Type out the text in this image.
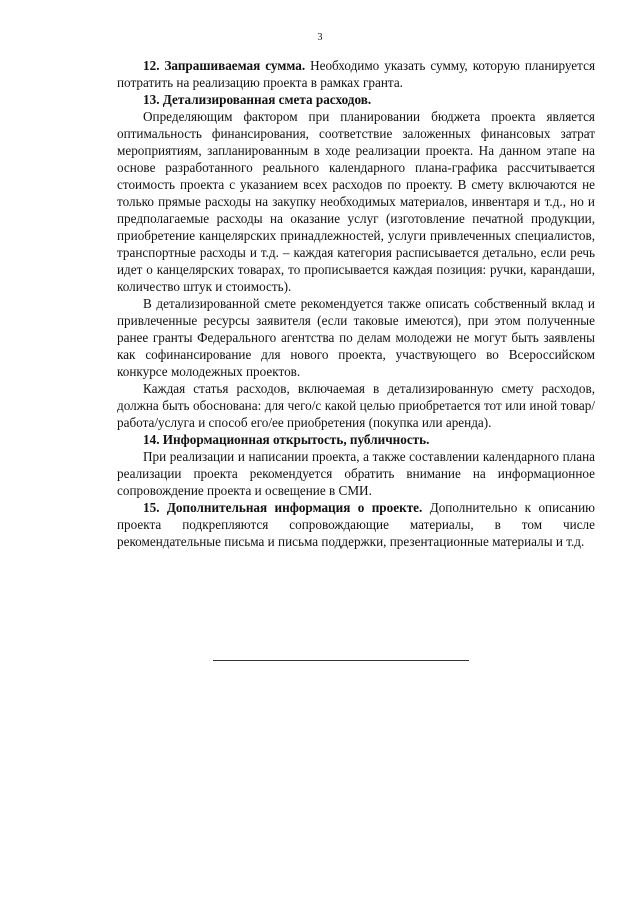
3

12. Запрашиваемая сумма. Необходимо указать сумму, которую планируется потратить на реализацию проекта в рамках гранта.

13. Детализированная смета расходов.

Определяющим фактором при планировании бюджета проекта является оптимальность финансирования, соответствие заложенных финансовых затрат мероприятиям, запланированным в ходе реализации проекта. На данном этапе на основе разработанного реального календарного плана-графика рассчитывается стоимость проекта с указанием всех расходов по проекту. В смету включаются не только прямые расходы на закупку необходимых материалов, инвентаря и т.д., но и предполагаемые расходы на оказание услуг (изготовление печатной продукции, приобретение канцелярских принадлежностей, услуги привлеченных специалистов, транспортные расходы и т.д. – каждая категория расписывается детально, если речь идет о канцелярских товарах, то прописывается каждая позиция: ручки, карандаши, количество штук и стоимость).

В детализированной смете рекомендуется также описать собственный вклад и привлеченные ресурсы заявителя (если таковые имеются), при этом полученные ранее гранты Федерального агентства по делам молодежи не могут быть заявлены как софинансирование для нового проекта, участвующего во Всероссийском конкурсе молодежных проектов.

Каждая статья расходов, включаемая в детализированную смету расходов, должна быть обоснована: для чего/с какой целью приобретается тот или иной товар/работа/услуга и способ его/ее приобретения (покупка или аренда).

14. Информационная открытость, публичность.

При реализации и написании проекта, а также составлении календарного плана реализации проекта рекомендуется обратить внимание на информационное сопровождение проекта и освещение в СМИ.

15. Дополнительная информация о проекте. Дополнительно к описанию проекта подкрепляются сопровождающие материалы, в том числе рекомендательные письма и письма поддержки, презентационные материалы и т.д.
